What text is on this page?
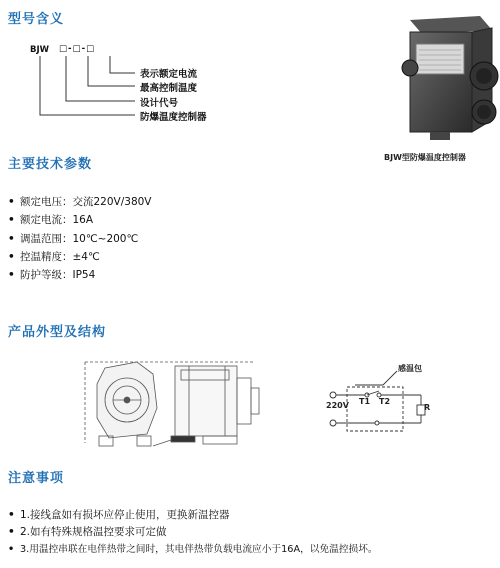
型号含义
BJW □-□-□
表示额定电流
最高控制温度
设计代号
防爆温度控制器
BJW型防爆温度控制器
主要技术参数
• 额定电压：交流220V/380V
• 额定电流：16A
• 调温范围：10℃~200℃
• 控温精度：±4℃
• 防护等级：IP54
产品外型及结构
感温包
220V T1 T2
R
注意事项
• 1.接线盒如有损坏应停止使用，更换新温控器
• 2.如有特殊规格温控要求可定做
• 3.用温控串联在电伴热带之间时，其电伴热带负载电流应小于16A，以免温控损坏。
